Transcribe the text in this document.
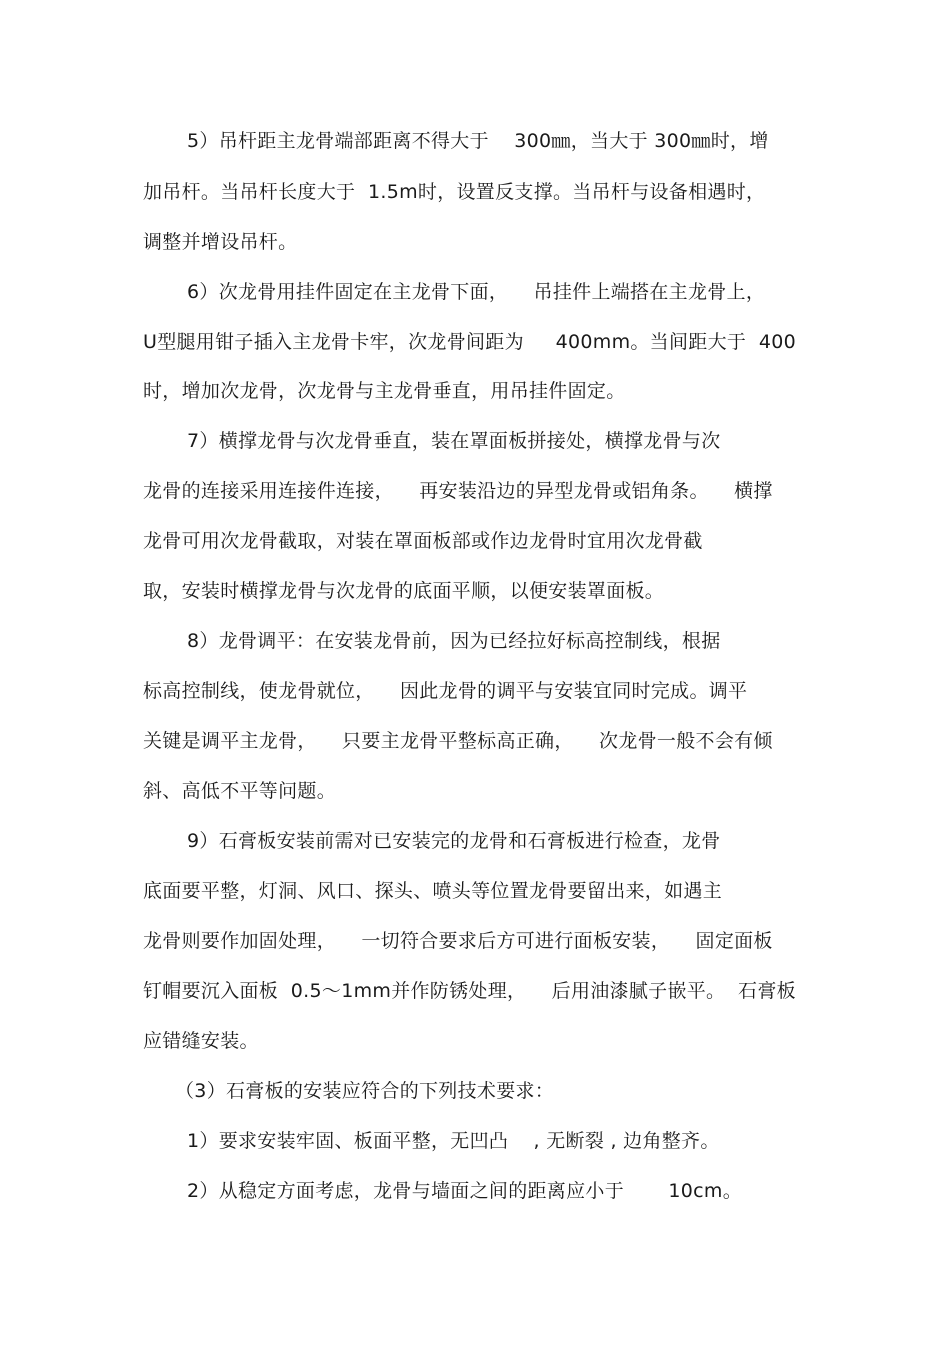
5）吊杆距主龙骨端部距离不得大于    300㎜，当大于 300㎜时，增
加吊杆。当吊杆长度大于  1.5m时，设置反支撑。当吊杆与设备相遇时，
调整并增设吊杆。
6）次龙骨用挂件固定在主龙骨下面，    吊挂件上端搭在主龙骨上，
U型腿用钳子插入主龙骨卡牢，次龙骨间距为     400mm。当间距大于  400
时，增加次龙骨，次龙骨与主龙骨垂直，用吊挂件固定。
7）横撑龙骨与次龙骨垂直，装在罩面板拼接处，横撑龙骨与次
龙骨的连接采用连接件连接，    再安装沿边的异型龙骨或铝角条。    横撑
龙骨可用次龙骨截取，对装在罩面板部或作边龙骨时宜用次龙骨截
取，安装时横撑龙骨与次龙骨的底面平顺，以便安装罩面板。
8）龙骨调平：在安装龙骨前，因为已经拉好标高控制线，根据
标高控制线，使龙骨就位，    因此龙骨的调平与安装宜同时完成。调平
关键是调平主龙骨，    只要主龙骨平整标高正确，    次龙骨一般不会有倾
斜、高低不平等问题。
9）石膏板安装前需对已安装完的龙骨和石膏板进行检查，龙骨
底面要平整，灯洞、风口、探头、喷头等位置龙骨要留出来，如遇主
龙骨则要作加固处理，    一切符合要求后方可进行面板安装，    固定面板
钉帽要沉入面板  0.5～1mm并作防锈处理，    后用油漆腻子嵌平。  石膏板
应错缝安装。
（3）石膏板的安装应符合的下列技术要求：
1）要求安装牢固、板面平整，无凹凸    , 无断裂 , 边角整齐。
2）从稳定方面考虑，龙骨与墙面之间的距离应小于       10cm。
